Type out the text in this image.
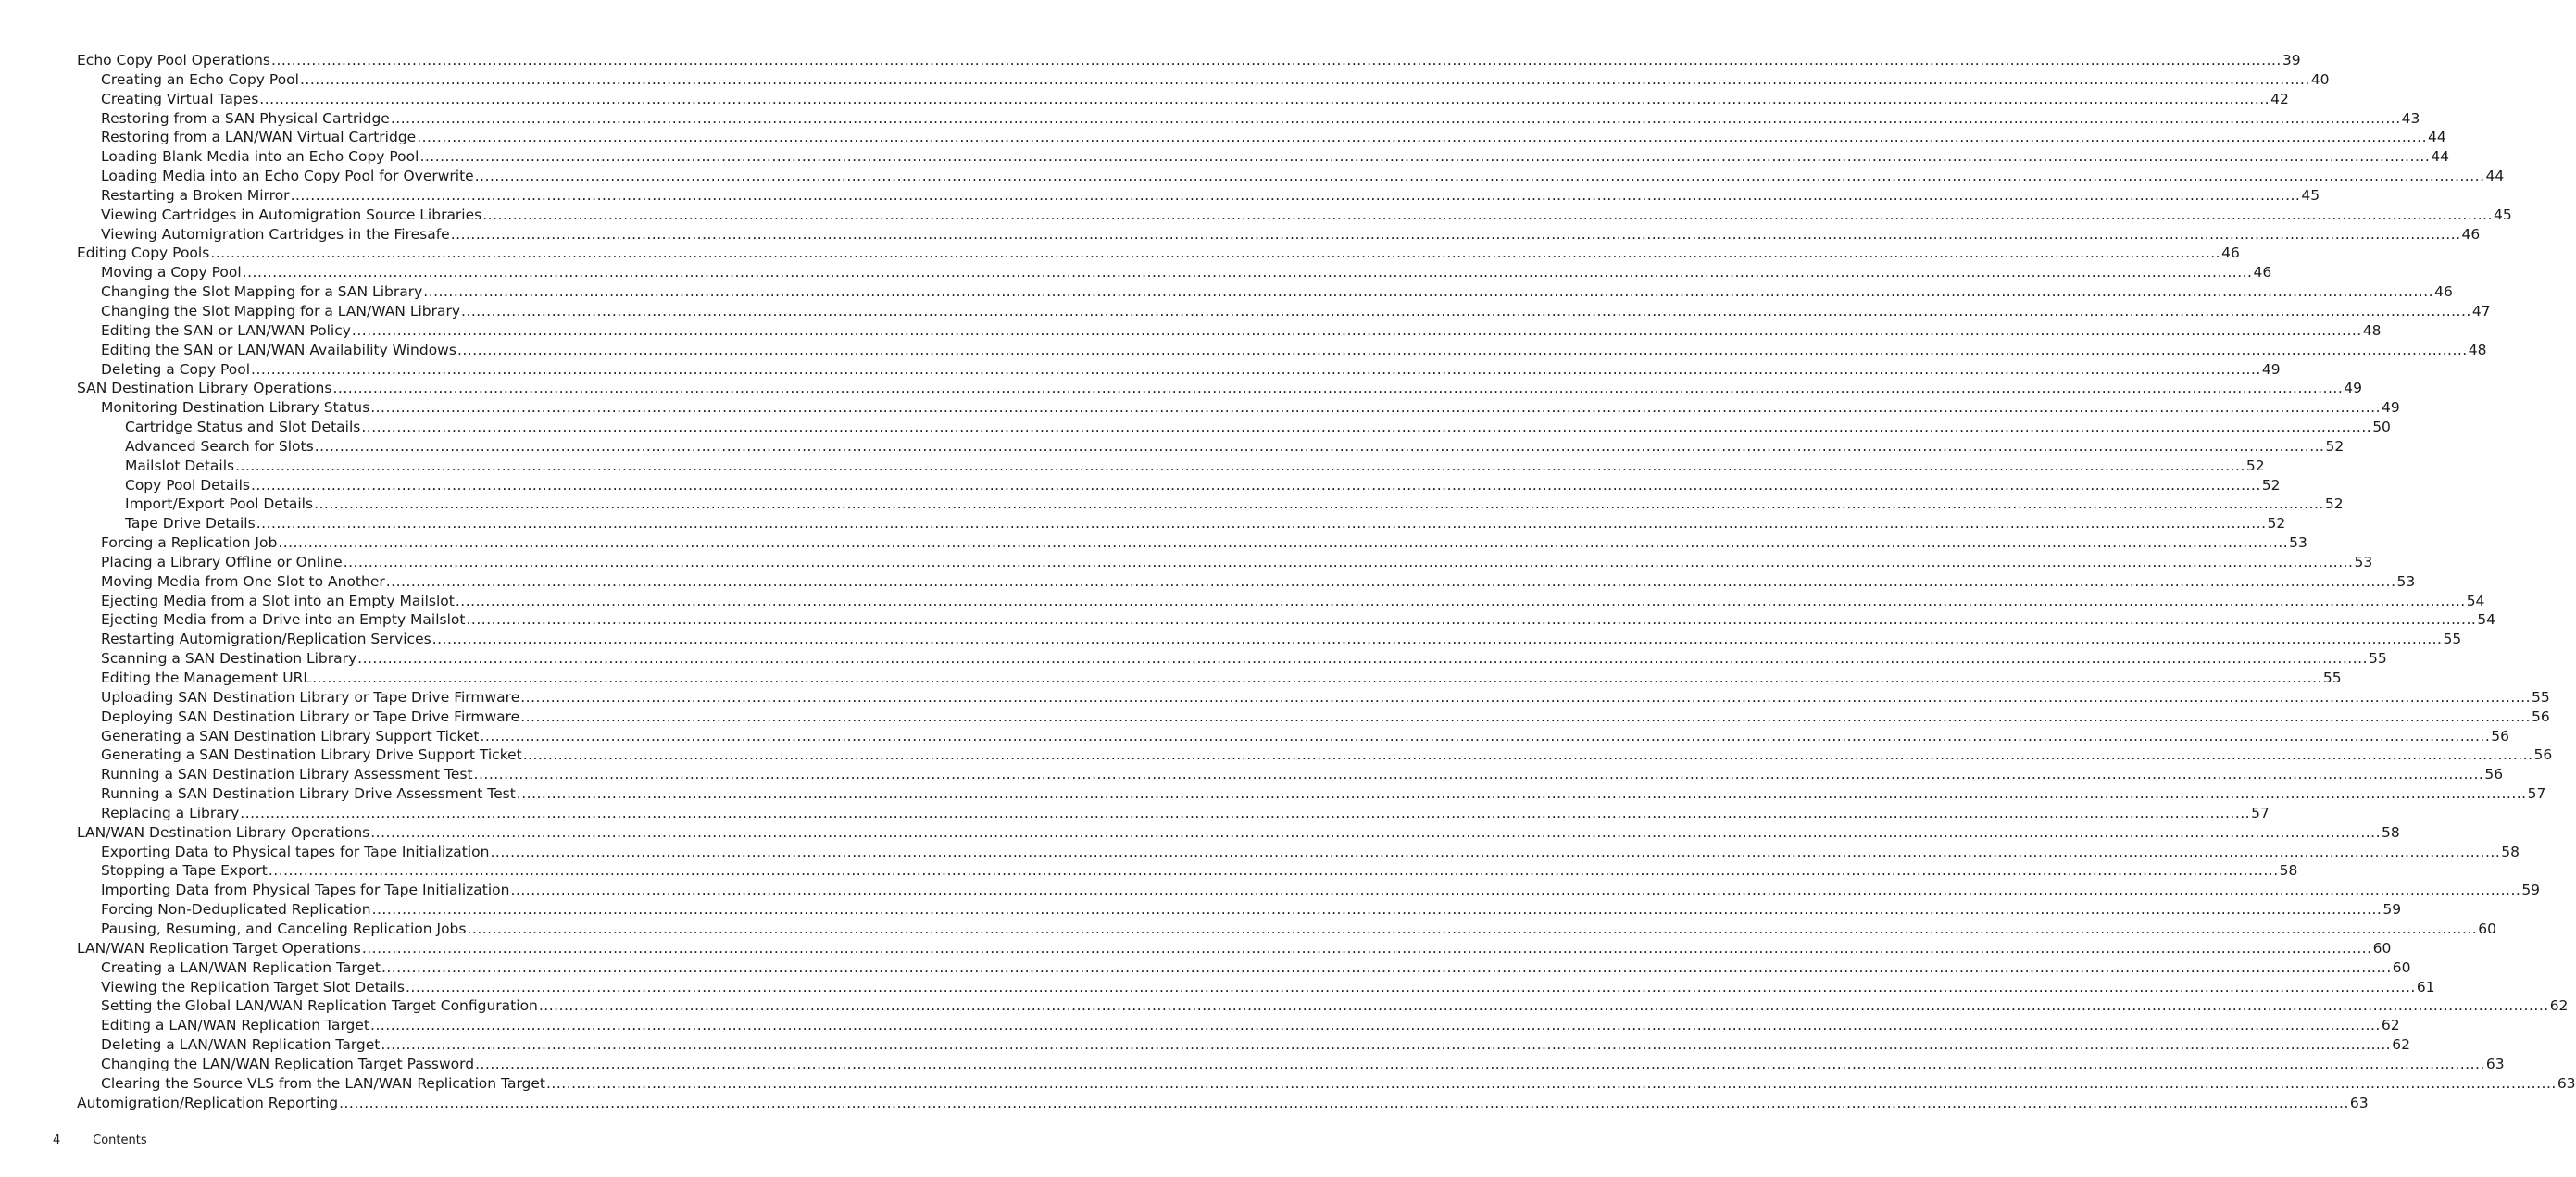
Echo Copy Pool Operations ................................................................................................................................................................................................................................................................................................................................................................................................................ 39
Creating an Echo Copy Pool ................................................................................................................................................................................................................................................................................................................................................................................................................ 40
Creating Virtual Tapes ................................................................................................................................................................................................................................................................................................................................................................................................................ 42
Restoring from a SAN Physical Cartridge ................................................................................................................................................................................................................................................................................................................................................................................................................ 43
Restoring from a LAN/WAN Virtual Cartridge ................................................................................................................................................................................................................................................................................................................................................................................................................ 44
Loading Blank Media into an Echo Copy Pool ................................................................................................................................................................................................................................................................................................................................................................................................................ 44
Loading Media into an Echo Copy Pool for Overwrite ................................................................................................................................................................................................................................................................................................................................................................................................................ 44
Restarting a Broken Mirror ................................................................................................................................................................................................................................................................................................................................................................................................................ 45
Viewing Cartridges in Automigration Source Libraries ................................................................................................................................................................................................................................................................................................................................................................................................................ 45
Viewing Automigration Cartridges in the Firesafe ................................................................................................................................................................................................................................................................................................................................................................................................................ 46
Editing Copy Pools ................................................................................................................................................................................................................................................................................................................................................................................................................ 46
Moving a Copy Pool ................................................................................................................................................................................................................................................................................................................................................................................................................ 46
Changing the Slot Mapping for a SAN Library ................................................................................................................................................................................................................................................................................................................................................................................................................ 46
Changing the Slot Mapping for a LAN/WAN Library ................................................................................................................................................................................................................................................................................................................................................................................................................ 47
Editing the SAN or LAN/WAN Policy ................................................................................................................................................................................................................................................................................................................................................................................................................ 48
Editing the SAN or LAN/WAN Availability Windows ................................................................................................................................................................................................................................................................................................................................................................................................................ 48
Deleting a Copy Pool ................................................................................................................................................................................................................................................................................................................................................................................................................ 49
SAN Destination Library Operations ................................................................................................................................................................................................................................................................................................................................................................................................................ 49
Monitoring Destination Library Status ................................................................................................................................................................................................................................................................................................................................................................................................................ 49
Cartridge Status and Slot Details ................................................................................................................................................................................................................................................................................................................................................................................................................ 50
Advanced Search for Slots ................................................................................................................................................................................................................................................................................................................................................................................................................ 52
Mailslot Details ................................................................................................................................................................................................................................................................................................................................................................................................................ 52
Copy Pool Details ................................................................................................................................................................................................................................................................................................................................................................................................................ 52
Import/Export Pool Details ................................................................................................................................................................................................................................................................................................................................................................................................................ 52
Tape Drive Details ................................................................................................................................................................................................................................................................................................................................................................................................................ 52
Forcing a Replication Job ................................................................................................................................................................................................................................................................................................................................................................................................................ 53
Placing a Library Offline or Online ................................................................................................................................................................................................................................................................................................................................................................................................................ 53
Moving Media from One Slot to Another ................................................................................................................................................................................................................................................................................................................................................................................................................ 53
Ejecting Media from a Slot into an Empty Mailslot ................................................................................................................................................................................................................................................................................................................................................................................................................ 54
Ejecting Media from a Drive into an Empty Mailslot ................................................................................................................................................................................................................................................................................................................................................................................................................ 54
Restarting Automigration/Replication Services ................................................................................................................................................................................................................................................................................................................................................................................................................ 55
Scanning a SAN Destination Library ................................................................................................................................................................................................................................................................................................................................................................................................................ 55
Editing the Management URL ................................................................................................................................................................................................................................................................................................................................................................................................................ 55
Uploading SAN Destination Library or Tape Drive Firmware ................................................................................................................................................................................................................................................................................................................................................................................................................ 55
Deploying SAN Destination Library or Tape Drive Firmware ................................................................................................................................................................................................................................................................................................................................................................................................................ 56
Generating a SAN Destination Library Support Ticket ................................................................................................................................................................................................................................................................................................................................................................................................................ 56
Generating a SAN Destination Library Drive Support Ticket ................................................................................................................................................................................................................................................................................................................................................................................................................ 56
Running a SAN Destination Library Assessment Test ................................................................................................................................................................................................................................................................................................................................................................................................................ 56
Running a SAN Destination Library Drive Assessment Test ................................................................................................................................................................................................................................................................................................................................................................................................................ 57
Replacing a Library ................................................................................................................................................................................................................................................................................................................................................................................................................ 57
LAN/WAN Destination Library Operations ................................................................................................................................................................................................................................................................................................................................................................................................................ 58
Exporting Data to Physical tapes for Tape Initialization ................................................................................................................................................................................................................................................................................................................................................................................................................ 58
Stopping a Tape Export ................................................................................................................................................................................................................................................................................................................................................................................................................ 58
Importing Data from Physical Tapes for Tape Initialization ................................................................................................................................................................................................................................................................................................................................................................................................................ 59
Forcing Non-Deduplicated Replication ................................................................................................................................................................................................................................................................................................................................................................................................................ 59
Pausing, Resuming, and Canceling Replication Jobs ................................................................................................................................................................................................................................................................................................................................................................................................................ 60
LAN/WAN Replication Target Operations ................................................................................................................................................................................................................................................................................................................................................................................................................ 60
Creating a LAN/WAN Replication Target ................................................................................................................................................................................................................................................................................................................................................................................................................ 60
Viewing the Replication Target Slot Details ................................................................................................................................................................................................................................................................................................................................................................................................................ 61
Setting the Global LAN/WAN Replication Target Configuration ................................................................................................................................................................................................................................................................................................................................................................................................................ 62
Editing a LAN/WAN Replication Target ................................................................................................................................................................................................................................................................................................................................................................................................................ 62
Deleting a LAN/WAN Replication Target ................................................................................................................................................................................................................................................................................................................................................................................................................ 62
Changing the LAN/WAN Replication Target Password ................................................................................................................................................................................................................................................................................................................................................................................................................ 63
Clearing the Source VLS from the LAN/WAN Replication Target ................................................................................................................................................................................................................................................................................................................................................................................................................ 63
Automigration/Replication Reporting ................................................................................................................................................................................................................................................................................................................................................................................................................ 63
4	Contents
